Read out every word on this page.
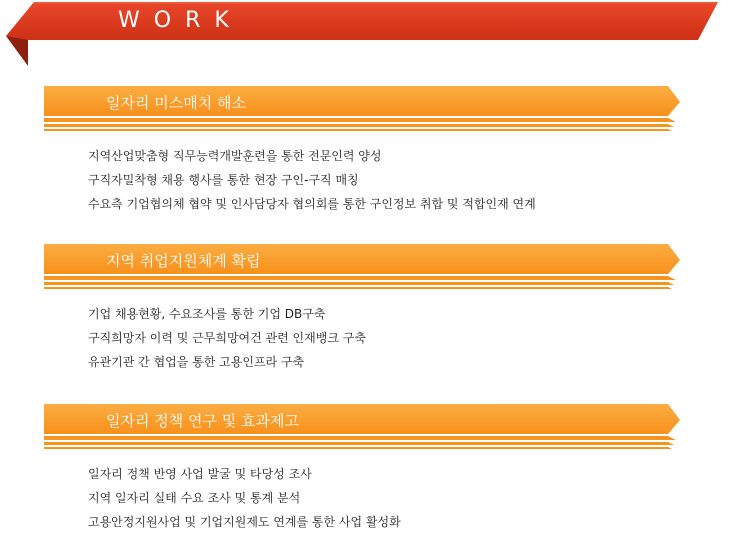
WORK
일자리 미스매치 해소
지역산업맞춤형 직무능력개발훈련을 통한 전문인력 양성
구직자밀착형 채용 행사를 통한 현장 구인-구직 매칭
수요측 기업협의체 협약 및 인사담당자 협의회를 통한 구인정보 취합 및 적합인재 연계
지역 취업지원체계 확립
기업 채용현황, 수요조사를 통한 기업 DB구축
구직희망자 이력 및 근무희망여건 관련 인재뱅크 구축
유관기관 간 협업을 통한 고용인프라 구축
일자리 정책 연구 및 효과제고
일자리 정책 반영 사업 발굴 및 타당성 조사
지역 일자리 실태 수요 조사 및 통계 분석
고용안정지원사업 및 기업지원제도 연계를 통한 사업 활성화
